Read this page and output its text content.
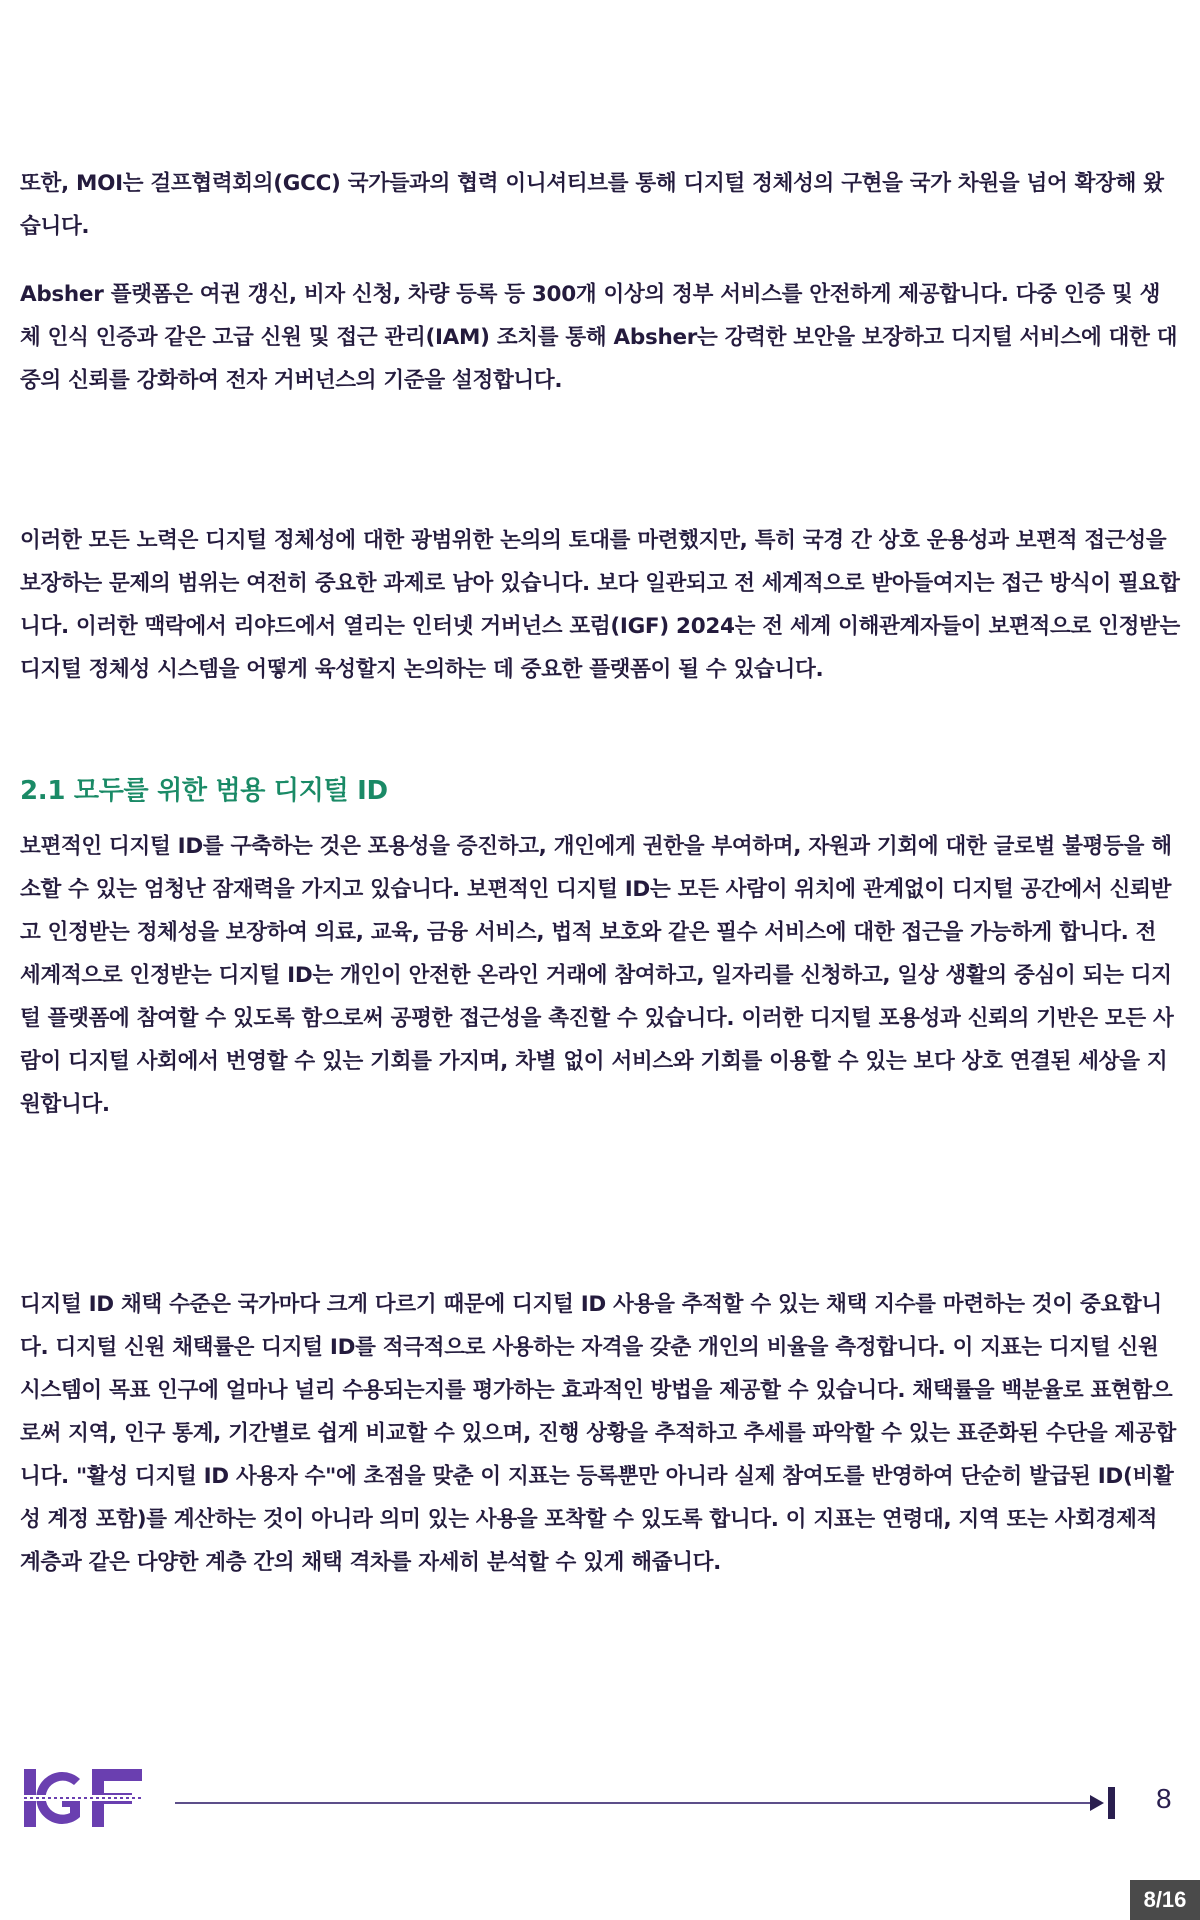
또한, MOI는 걸프협력회의(GCC) 국가들과의 협력 이니셔티브를 통해 디지털 정체성의 구현을 국가 차원을 넘어 확장해 왔습니다.

Absher 플랫폼은 여권 갱신, 비자 신청, 차량 등록 등 300개 이상의 정부 서비스를 안전하게 제공합니다. 다중 인증 및 생체 인식 인증과 같은 고급 신원 및 접근 관리(IAM) 조치를 통해 Absher는 강력한 보안을 보장하고 디지털 서비스에 대한 대중의 신뢰를 강화하여 전자 거버넌스의 기준을 설정합니다.

이러한 모든 노력은 디지털 정체성에 대한 광범위한 논의의 토대를 마련했지만, 특히 국경 간 상호 운용성과 보편적 접근성을 보장하는 문제의 범위는 여전히 중요한 과제로 남아 있습니다. 보다 일관되고 전 세계적으로 받아들여지는 접근 방식이 필요합니다. 이러한 맥락에서 리야드에서 열리는 인터넷 거버넌스 포럼(IGF) 2024는 전 세계 이해관계자들이 보편적으로 인정받는 디지털 정체성 시스템을 어떻게 육성할지 논의하는 데 중요한 플랫폼이 될 수 있습니다.

2.1 모두를 위한 범용 디지털 ID

보편적인 디지털 ID를 구축하는 것은 포용성을 증진하고, 개인에게 권한을 부여하며, 자원과 기회에 대한 글로벌 불평등을 해소할 수 있는 엄청난 잠재력을 가지고 있습니다. 보편적인 디지털 ID는 모든 사람이 위치에 관계없이 디지털 공간에서 신뢰받고 인정받는 정체성을 보장하여 의료, 교육, 금융 서비스, 법적 보호와 같은 필수 서비스에 대한 접근을 가능하게 합니다. 전 세계적으로 인정받는 디지털 ID는 개인이 안전한 온라인 거래에 참여하고, 일자리를 신청하고, 일상 생활의 중심이 되는 디지털 플랫폼에 참여할 수 있도록 함으로써 공평한 접근성을 촉진할 수 있습니다. 이러한 디지털 포용성과 신뢰의 기반은 모든 사람이 디지털 사회에서 번영할 수 있는 기회를 가지며, 차별 없이 서비스와 기회를 이용할 수 있는 보다 상호 연결된 세상을 지원합니다.

디지털 ID 채택 수준은 국가마다 크게 다르기 때문에 디지털 ID 사용을 추적할 수 있는 채택 지수를 마련하는 것이 중요합니다. 디지털 신원 채택률은 디지털 ID를 적극적으로 사용하는 자격을 갖춘 개인의 비율을 측정합니다. 이 지표는 디지털 신원 시스템이 목표 인구에 얼마나 널리 수용되는지를 평가하는 효과적인 방법을 제공할 수 있습니다. 채택률을 백분율로 표현함으로써 지역, 인구 통계, 기간별로 쉽게 비교할 수 있으며, 진행 상황을 추적하고 추세를 파악할 수 있는 표준화된 수단을 제공합니다. "활성 디지털 ID 사용자 수"에 초점을 맞춘 이 지표는 등록뿐만 아니라 실제 참여도를 반영하여 단순히 발급된 ID(비활성 계정 포함)를 계산하는 것이 아니라 의미 있는 사용을 포착할 수 있도록 합니다. 이 지표는 연령대, 지역 또는 사회경제적 계층과 같은 다양한 계층 간의 채택 격차를 자세히 분석할 수 있게 해줍니다.

8
8/16
